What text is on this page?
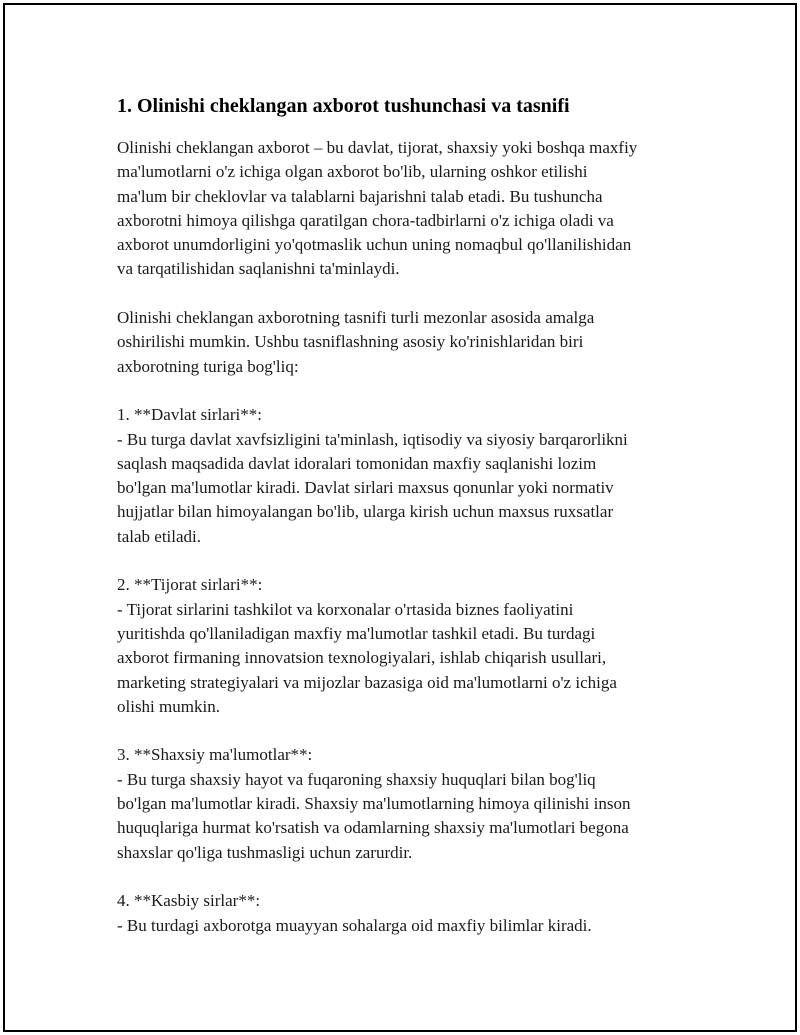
1. Olinishi cheklangan axborot tushunchasi va tasnifi

Olinishi cheklangan axborot – bu davlat, tijorat, shaxsiy yoki boshqa maxfiy
ma'lumotlarni o'z ichiga olgan axborot bo'lib, ularning oshkor etilishi
ma'lum bir cheklovlar va talablarni bajarishni talab etadi. Bu tushuncha
axborotni himoya qilishga qaratilgan chora-tadbirlarni o'z ichiga oladi va
axborot unumdorligini yo'qotmaslik uchun uning nomaqbul qo'llanilishidan
va tarqatilishidan saqlanishni ta'minlaydi.

Olinishi cheklangan axborotning tasnifi turli mezonlar asosida amalga
oshirilishi mumkin. Ushbu tasniflashning asosiy ko'rinishlaridan biri
axborotning turiga bog'liq:

1. **Davlat sirlari**:
- Bu turga davlat xavfsizligini ta'minlash, iqtisodiy va siyosiy barqarorlikni
saqlash maqsadida davlat idoralari tomonidan maxfiy saqlanishi lozim
bo'lgan ma'lumotlar kiradi. Davlat sirlari maxsus qonunlar yoki normativ
hujjatlar bilan himoyalangan bo'lib, ularga kirish uchun maxsus ruxsatlar
talab etiladi.

2. **Tijorat sirlari**:
- Tijorat sirlarini tashkilot va korxonalar o'rtasida biznes faoliyatini
yuritishda qo'llaniladigan maxfiy ma'lumotlar tashkil etadi. Bu turdagi
axborot firmaning innovatsion texnologiyalari, ishlab chiqarish usullari,
marketing strategiyalari va mijozlar bazasiga oid ma'lumotlarni o'z ichiga
olishi mumkin.

3. **Shaxsiy ma'lumotlar**:
- Bu turga shaxsiy hayot va fuqaroning shaxsiy huquqlari bilan bog'liq
bo'lgan ma'lumotlar kiradi. Shaxsiy ma'lumotlarning himoya qilinishi inson
huquqlariga hurmat ko'rsatish va odamlarning shaxsiy ma'lumotlari begona
shaxslar qo'liga tushmasligi uchun zarurdir.

4. **Kasbiy sirlar**:
- Bu turdagi axborotga muayyan sohalarga oid maxfiy bilimlar kiradi.
